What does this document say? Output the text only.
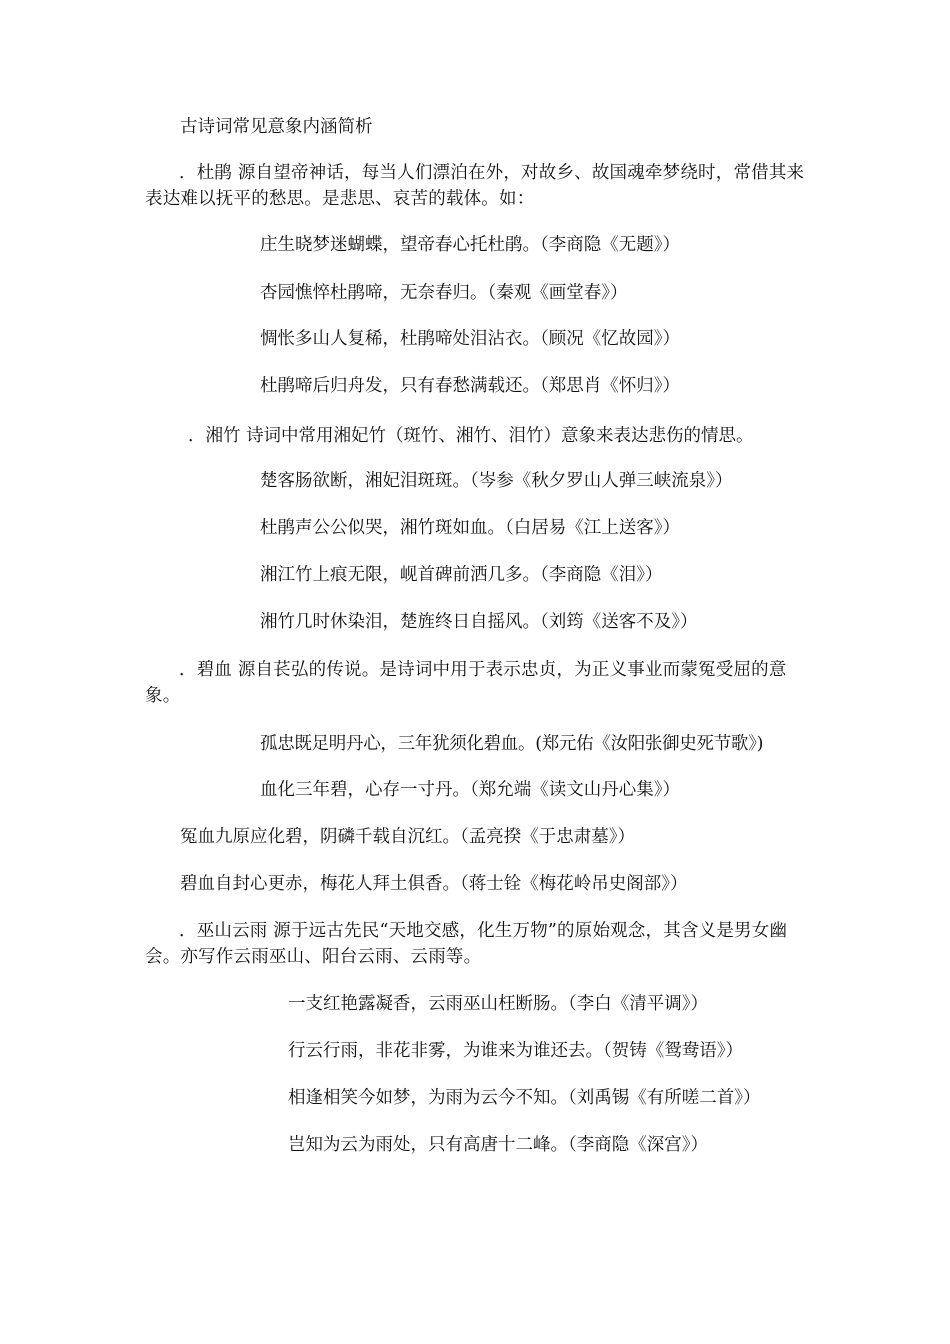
古诗词常见意象内涵简析
．杜鹃 源自望帝神话，每当人们漂泊在外，对故乡、故国魂牵梦绕时，常借其来表达难以抚平的愁思。是悲思、哀苦的载体。如：
庄生晓梦迷蝴蝶，望帝春心托杜鹃。（李商隐《无题》）
杏园憔悴杜鹃啼，无奈春归。（秦观《画堂春》）
惆怅多山人复稀，杜鹃啼处泪沾衣。（顾况《忆故园》）
杜鹃啼后归舟发，只有春愁满载还。（郑思肖《怀归》）
．湘竹 诗词中常用湘妃竹（斑竹、湘竹、泪竹）意象来表达悲伤的情思。
楚客肠欲断，湘妃泪斑斑。（岑参《秋夕罗山人弹三峡流泉》）
杜鹃声公公似哭，湘竹斑如血。（白居易《江上送客》）
湘江竹上痕无限，岘首碑前洒几多。（李商隐《泪》）
湘竹几时休染泪，楚旌终日自摇风。（刘筠《送客不及》）
．碧血 源自苌弘的传说。是诗词中用于表示忠贞，为正义事业而蒙冤受屈的意象。
孤忠既足明丹心，三年犹须化碧血。(郑元佑《汝阳张御史死节歌》)
血化三年碧，心存一寸丹。（郑允端《读文山丹心集》）
冤血九原应化碧，阴磷千载自沉红。（孟亮揆《于忠肃墓》）
碧血自封心更赤，梅花人拜土俱香。（蒋士铨《梅花岭吊史阁部》）
．巫山云雨 源于远古先民“天地交感，化生万物”的原始观念，其含义是男女幽会。亦写作云雨巫山、阳台云雨、云雨等。
一支红艳露凝香，云雨巫山枉断肠。（李白《清平调》）
行云行雨，非花非雾，为谁来为谁还去。（贺铸《鸳鸯语》）
相逢相笑今如梦，为雨为云今不知。（刘禹锡《有所嗟二首》）
岂知为云为雨处，只有高唐十二峰。（李商隐《深宫》）
